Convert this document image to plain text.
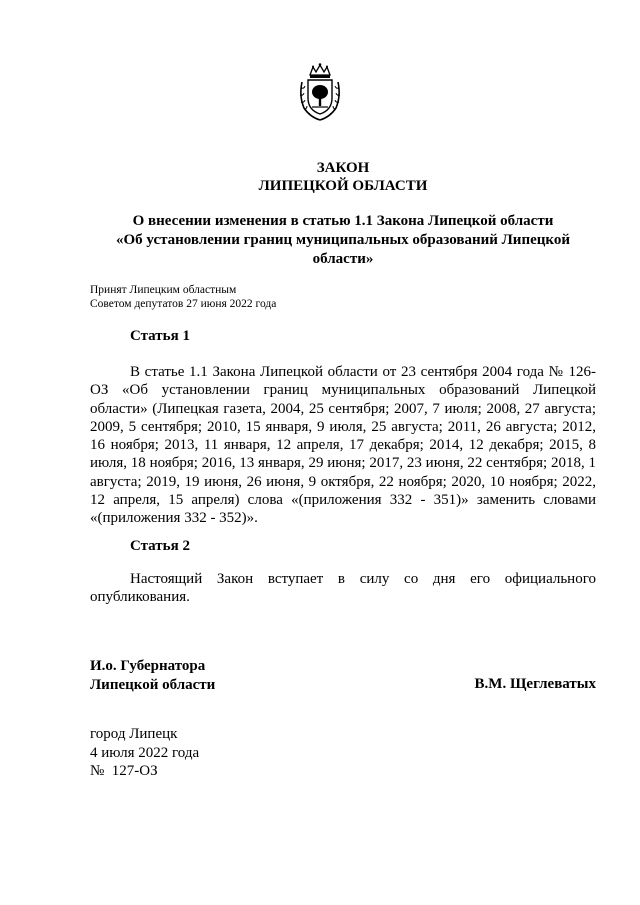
ЗАКОН
ЛИПЕЦКОЙ ОБЛАСТИ
О внесении изменения в статью 1.1 Закона Липецкой области
«Об установлении границ муниципальных образований Липецкой
области»
Принят Липецким областным
Советом депутатов 27 июня 2022 года
Статья 1
В статье 1.1 Закона Липецкой области от 23 сентября 2004 года № 126-ОЗ «Об установлении границ муниципальных образований Липецкой области» (Липецкая газета, 2004, 25 сентября; 2007, 7 июля; 2008, 27 августа; 2009, 5 сентября; 2010, 15 января, 9 июля, 25 августа; 2011, 26 августа; 2012, 16 ноября; 2013, 11 января, 12 апреля, 17 декабря; 2014, 12 декабря; 2015, 8 июля, 18 ноября; 2016, 13 января, 29 июня; 2017, 23 июня, 22 сентября; 2018, 1 августа; 2019, 19 июня, 26 июня, 9 октября, 22 ноября; 2020, 10 ноября; 2022, 12 апреля, 15 апреля) слова «(приложения 332 - 351)» заменить словами «(приложения 332 - 352)».
Статья 2
Настоящий Закон вступает в силу со дня его официального опубликования.
И.о. Губернатора
Липецкой области	В.М. Щеглеватых
город Липецк
4 июля 2022 года
№  127-ОЗ
